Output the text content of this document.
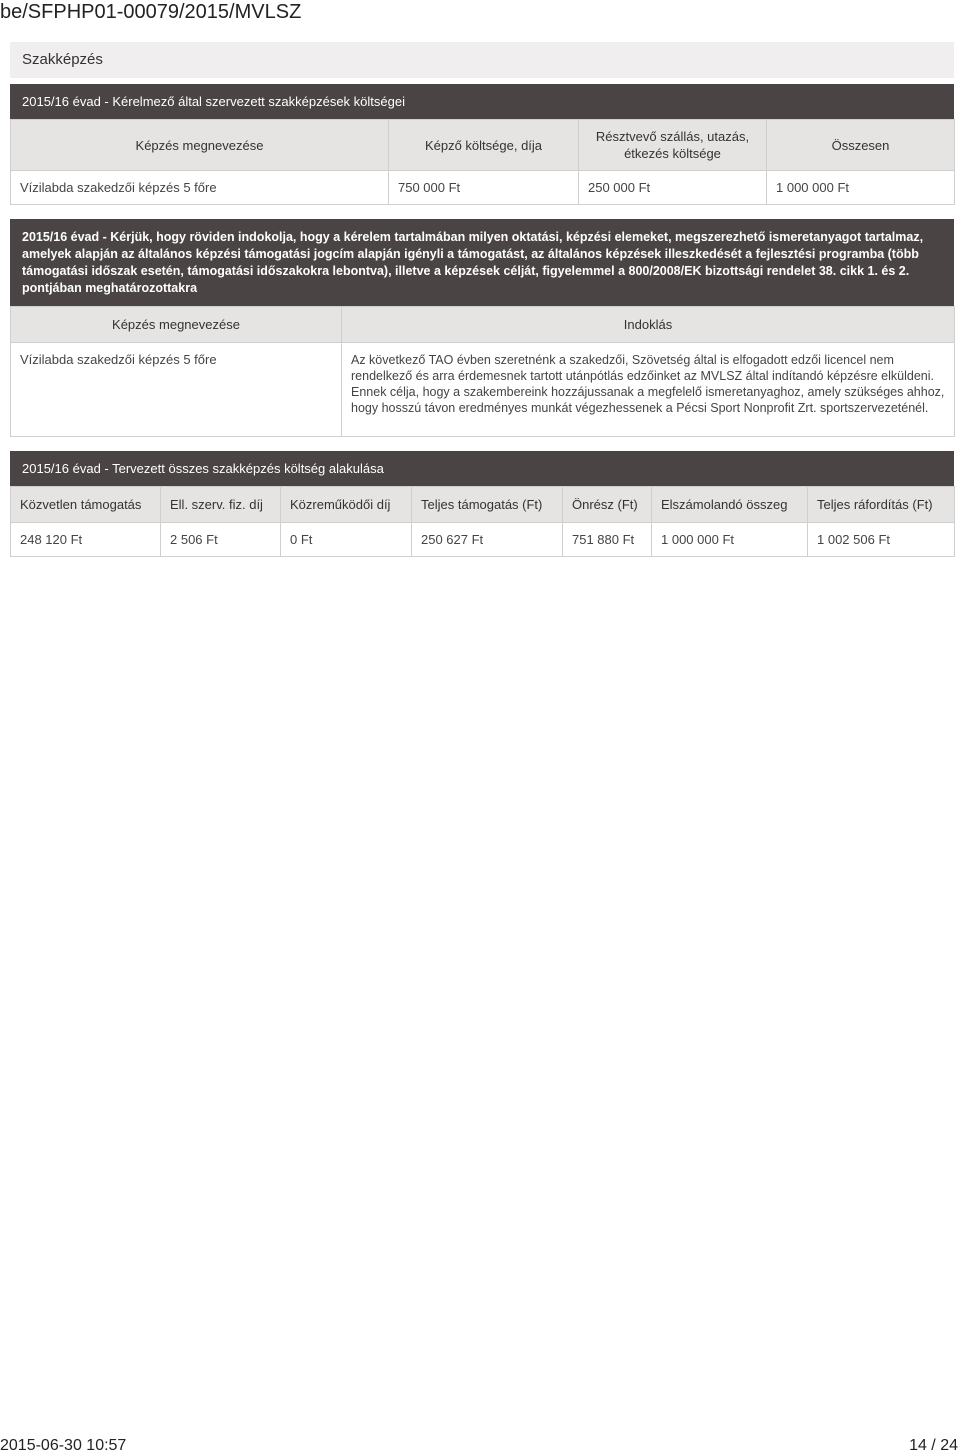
be/SFPHP01-00079/2015/MVLSZ
Szakképzés
2015/16 évad - Kérelmező által szervezett szakképzések költségei
Képzés megnevezése	Képző költsége, díja	Résztvevő szállás, utazás, étkezés költsége	Összesen
Vízilabda szakedzői képzés 5 főre	750 000 Ft	250 000 Ft	1 000 000 Ft
2015/16 évad - Kérjük, hogy röviden indokolja, hogy a kérelem tartalmában milyen oktatási, képzési elemeket, megszerezhető ismeretanyagot tartalmaz, amelyek alapján az általános képzési támogatási jogcím alapján igényli a támogatást, az általános képzések illeszkedését a fejlesztési programba (több támogatási időszak esetén, támogatási időszakokra lebontva), illetve a képzések célját, figyelemmel a 800/2008/EK bizottsági rendelet 38. cikk 1. és 2. pontjában meghatározottakra
Képzés megnevezése	Indoklás
Vízilabda szakedzői képzés 5 főre	Az következő TAO évben szeretnénk a szakedzői, Szövetség által is elfogadott edzői licencel nem rendelkező és arra érdemesnek tartott utánpótlás edzőinket az MVLSZ által indítandó képzésre elküldeni. Ennek célja, hogy a szakembereink hozzájussanak a megfelelő ismeretanyaghoz, amely szükséges ahhoz, hogy hosszú távon eredményes munkát végezhessenek a Pécsi Sport Nonprofit Zrt. sportszervezeténél.
2015/16 évad - Tervezett összes szakképzés költség alakulása
Közvetlen támogatás	Ell. szerv. fiz. díj	Közreműködői díj	Teljes támogatás (Ft)	Önrész (Ft)	Elszámolandó összeg	Teljes ráfordítás (Ft)
248 120 Ft	2 506 Ft	0 Ft	250 627 Ft	751 880 Ft	1 000 000 Ft	1 002 506 Ft
2015-06-30 10:57	14 / 24
